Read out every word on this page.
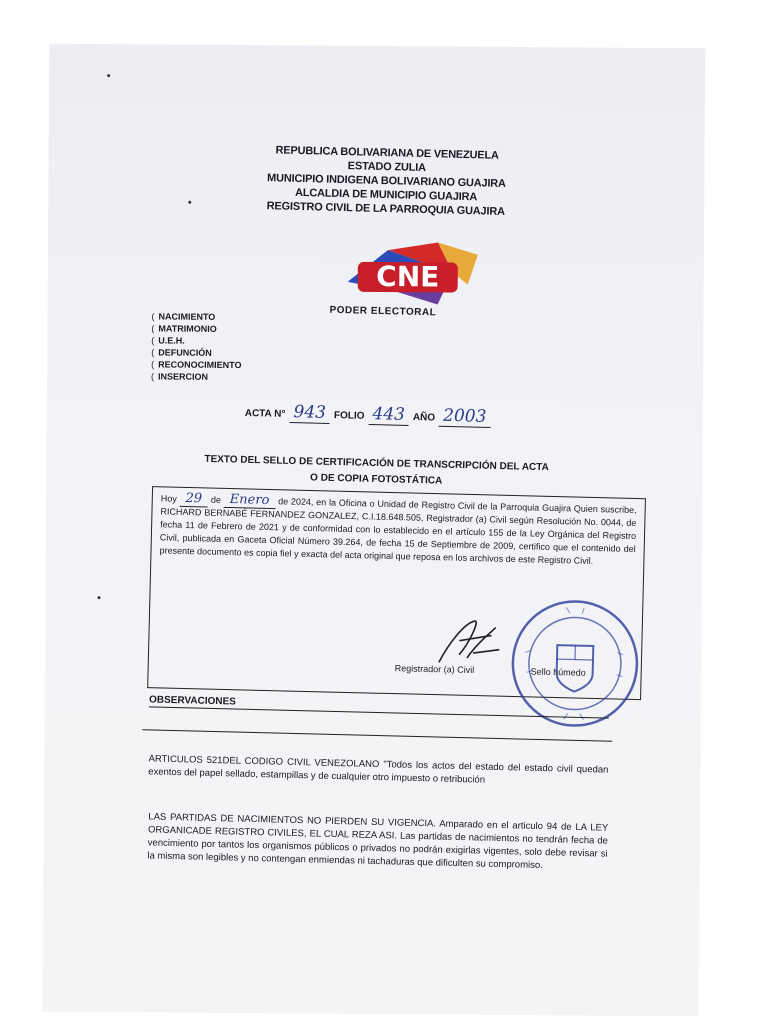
REPUBLICA BOLIVARIANA DE VENEZUELA
ESTADO ZULIA
MUNICIPIO INDIGENA BOLIVARIANO GUAJIRA
ALCALDIA DE MUNICIPIO GUAJIRA
REGISTRO CIVIL DE LA PARROQUIA GUAJIRA
CNE
PODER ELECTORAL
( NACIMIENTO
( MATRIMONIO
( U.E.H.
( DEFUNCIÓN
( RECONOCIMIENTO
( INSERCION
ACTA N° 943 FOLIO 443 AÑO 2003
TEXTO DEL SELLO DE CERTIFICACIÓN DE TRANSCRIPCIÓN DEL ACTA
O DE COPIA FOTOSTÁTICA
Hoy 29 de Enero de 2024, en la Oficina o Unidad de Registro Civil de la Parroquia Guajira Quien suscribe, RICHARD BERNABÉ FERNANDEZ GONZALEZ, C.I.18.648.505, Registrador (a) Civil según Resolución No. 0044, de fecha 11 de Febrero de 2021 y de conformidad con lo establecido en el artículo 155 de la Ley Orgánica del Registro Civil, publicada en Gaceta Oficial Número 39.264, de fecha 15 de Septiembre de 2009, certifico que el contenido del presente documento es copia fiel y exacta del acta original que reposa en los archivos de este Registro Civil.
Registrador (a) Civil	Sello húmedo
OBSERVACIONES
ARTICULOS 521DEL CODIGO CIVIL VENEZOLANO "Todos los actos del estado del estado civil quedan exentos del papel sellado, estampillas y de cualquier otro impuesto o retribución
LAS PARTIDAS DE NACIMIENTOS NO PIERDEN SU VIGENCIA. Amparado en el articulo 94 de LA LEY ORGANICADE REGISTRO CIVILES, EL CUAL REZA ASI. Las partidas de nacimientos no tendrán fecha de vencimiento por tantos los organismos públicos o privados no podrán exigirlas vigentes, solo debe revisar si la misma son legibles y no contengan enmiendas ni tachaduras que dificulten su compromiso.
